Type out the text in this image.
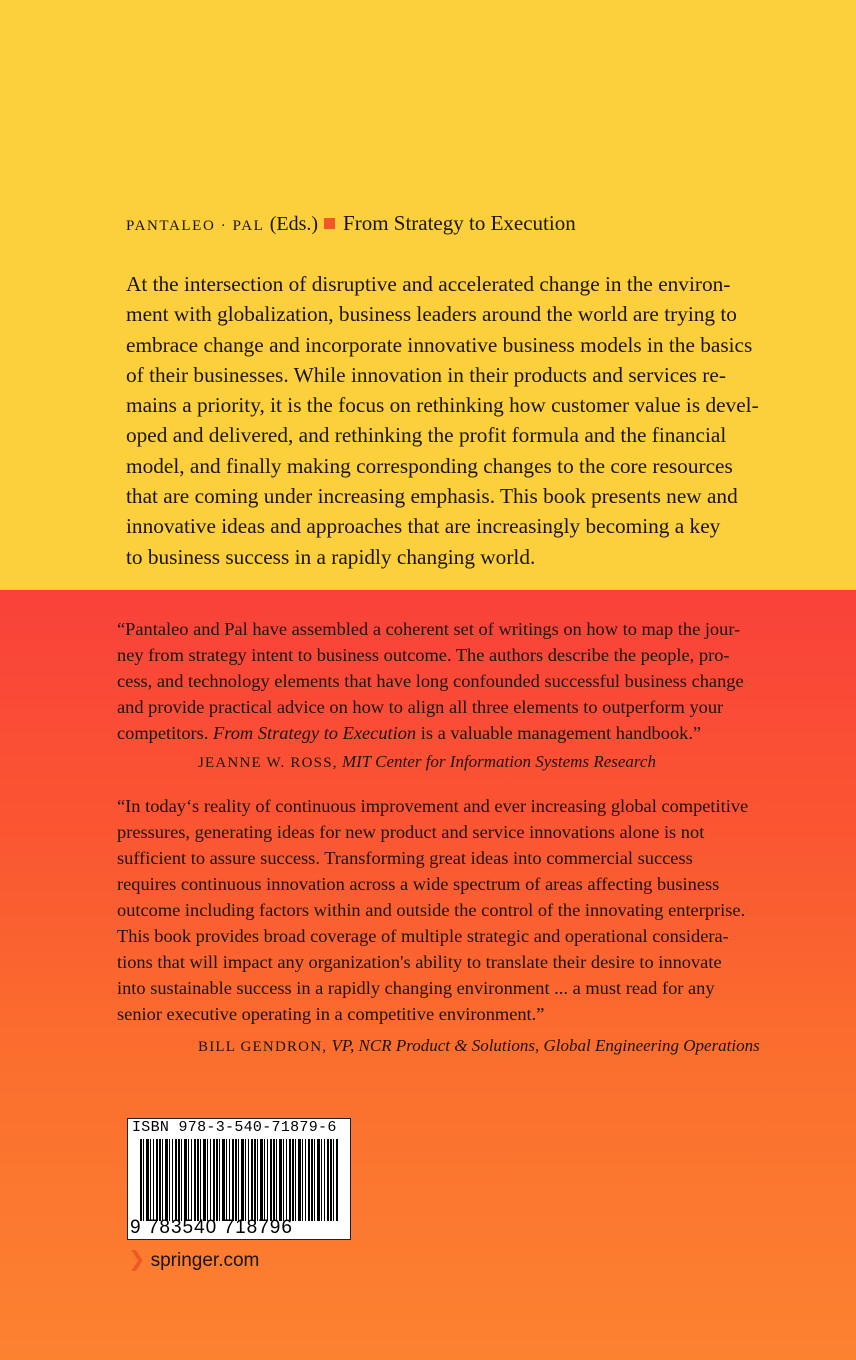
PANTALEO · PAL (Eds.) From Strategy to Execution

At the intersection of disruptive and accelerated change in the environ-
ment with globalization, business leaders around the world are trying to
embrace change and incorporate innovative business models in the basics
of their businesses. While innovation in their products and services re-
mains a priority, it is the focus on rethinking how customer value is devel-
oped and delivered, and rethinking the profit formula and the financial
model, and finally making corresponding changes to the core resources
that are coming under increasing emphasis. This book presents new and
innovative ideas and approaches that are increasingly becoming a key
to business success in a rapidly changing world.

“Pantaleo and Pal have assembled a coherent set of writings on how to map the jour-
ney from strategy intent to business outcome. The authors describe the people, pro-
cess, and technology elements that have long confounded successful business change
and provide practical advice on how to align all three elements to outperform your
competitors. From Strategy to Execution is a valuable management handbook.”

JEANNE W. ROSS, MIT Center for Information Systems Research

“In today‘s reality of continuous improvement and ever increasing global competitive
pressures, generating ideas for new product and service innovations alone is not
sufficient to assure success. Transforming great ideas into commercial success
requires continuous innovation across a wide spectrum of areas affecting business
outcome including factors within and outside the control of the innovating enterprise.
This book provides broad coverage of multiple strategic and operational considera-
tions that will impact any organization's ability to translate their desire to innovate
into sustainable success in a rapidly changing environment ... a must read for any
senior executive operating in a competitive environment.”

BILL GENDRON, VP, NCR Product & Solutions, Global Engineering Operations
ISBN 978-3-540-71879-6
9 783540 718796
❯ springer.com
